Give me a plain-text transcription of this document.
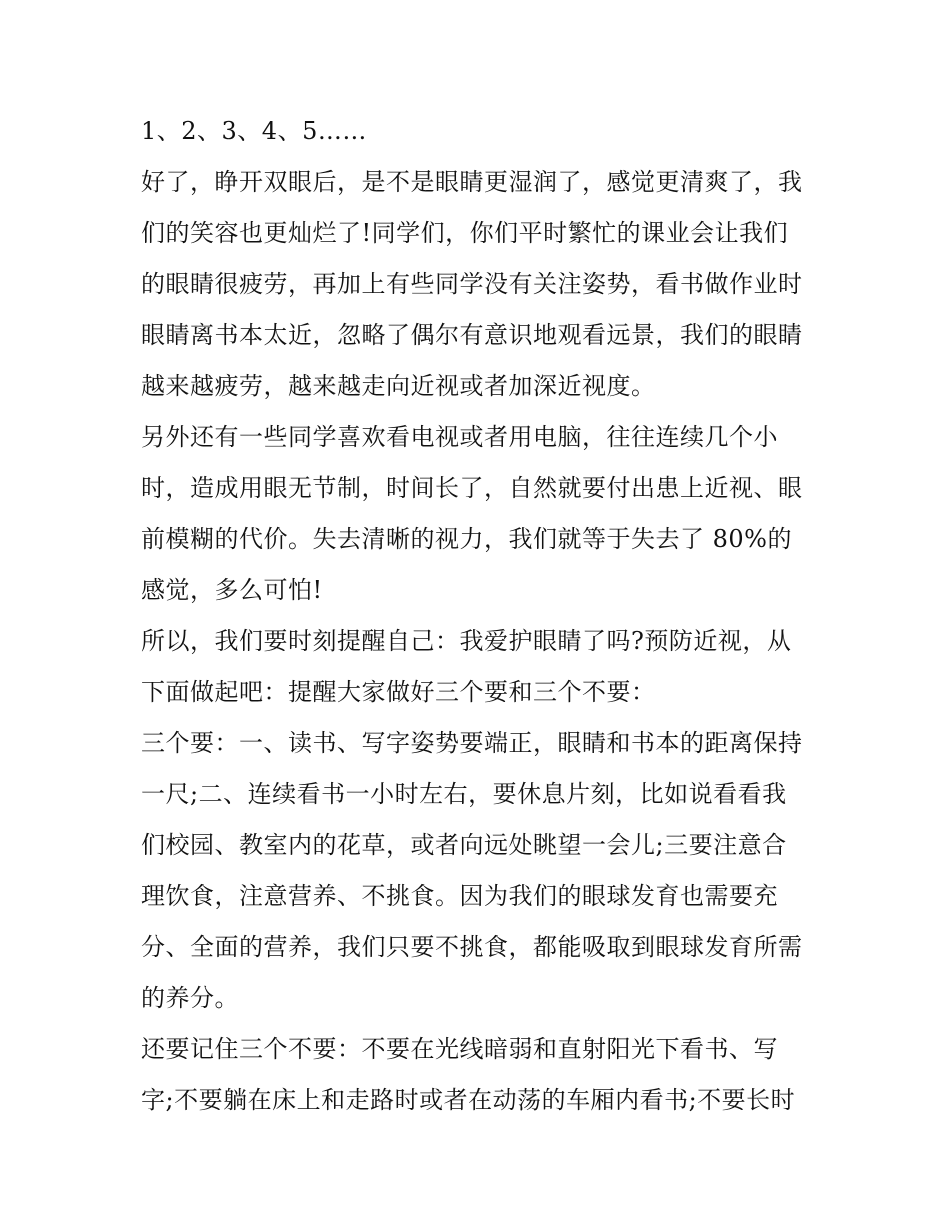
1、2、3、4、5……
好了，睁开双眼后，是不是眼睛更湿润了，感觉更清爽了，我
们的笑容也更灿烂了!同学们，你们平时繁忙的课业会让我们
的眼睛很疲劳，再加上有些同学没有关注姿势，看书做作业时
眼睛离书本太近，忽略了偶尔有意识地观看远景，我们的眼睛
越来越疲劳，越来越走向近视或者加深近视度。
另外还有一些同学喜欢看电视或者用电脑，往往连续几个小
时，造成用眼无节制，时间长了，自然就要付出患上近视、眼
前模糊的代价。失去清晰的视力，我们就等于失去了 80%的
感觉，多么可怕!
所以，我们要时刻提醒自己：我爱护眼睛了吗?预防近视，从
下面做起吧：提醒大家做好三个要和三个不要：
三个要：一、读书、写字姿势要端正，眼睛和书本的距离保持
一尺;二、连续看书一小时左右，要休息片刻，比如说看看我
们校园、教室内的花草，或者向远处眺望一会儿;三要注意合
理饮食，注意营养、不挑食。因为我们的眼球发育也需要充
分、全面的营养，我们只要不挑食，都能吸取到眼球发育所需
的养分。
还要记住三个不要：不要在光线暗弱和直射阳光下看书、写
字;不要躺在床上和走路时或者在动荡的车厢内看书;不要长时
